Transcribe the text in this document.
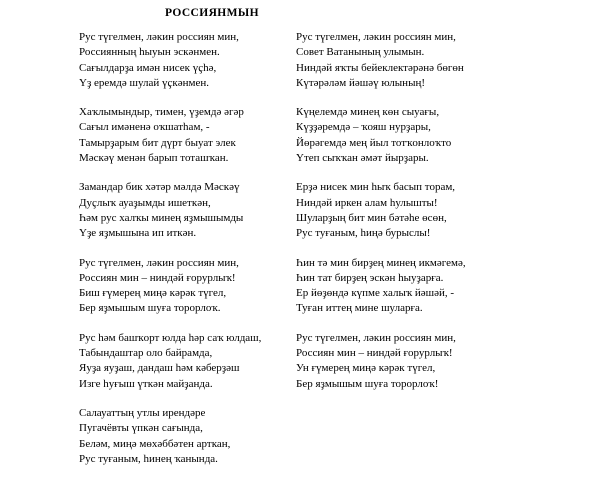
РОССИЯНМЫН
Рус түгелмен, ләкин россиян мин,
Россиянның һыуын эскәнмен.
Сағылдарҙа имән нисек үҫһә,
Үҙ еремдә шулай үҫкәнмен.
Хаҡлымындыр, тимен, үҙемдә әгәр
Сағыл имәненә оҡшатһам, -
Тамырҙарым бит дүрт быуат элек
Мәскәү менән барып тоташҡан.
Замандар бик хәтәр мәлдә Мәскәү
Дуҫлыҡ ауаҙымды ишеткән,
Һәм рус халҡы минең яҙмышымды
Үҙе яҙмышына ип иткән.
Рус түгелмен, ләкин россиян мин,
Россиян мин – ниндәй ғорурлыҡ!
Биш ғүмерең миңә кәрәк түгел,
Бер яҙмышым шуға торорлоҡ.
Рус һәм башҡорт юлда һәр саҡ юлдаш,
Табындаштар оло байрамда,
Яуҙа яуҙаш, дандаш һәм кәберҙәш
Изге һуғыш үткән майҙанда.
Салауаттың утлы ирендәре
Пугачёвты үпкән сағында,
Беләм, миңә мөхәббәтен арткан,
Рус туғаным, һинең ҡанында.
Рус түгелмен, ләкин россиян мин,
Совет Ватанының улымын.
Ниндәй яҡты бейеклектәрәнә бөгөн
Күтәрәләм йәшәү юлының!
Күңелемдә минең көн сыуағы,
Күҙҙәремдә – ҡояш нурҙары,
Йөрәгемдә мең йыл тотҡонлоҡто
Үтеп сыҡҡан әмәт йырҙары.
Ерҙә нисек мин һыҡ басып торам,
Ниндәй иркен алам һулышты!
Шуларҙың бит мин бәтәһе өсөн,
Рус туғаным, һиңә бурыслы!
Һин тә мин бирҙең минең икмәгемә,
Һин тат бирҙең эскән һыуҙарға.
Ер йөҙөндә күпме халыҡ йәшәй, -
Туған иттең мине шуларға.
Рус түгелмен, ләкин россиян мин,
Россиян мин – ниндәй ғорурлыҡ!
Ун ғүмерең миңә кәрәк түгел,
Бер яҙмышым шуға торорлоҡ!
